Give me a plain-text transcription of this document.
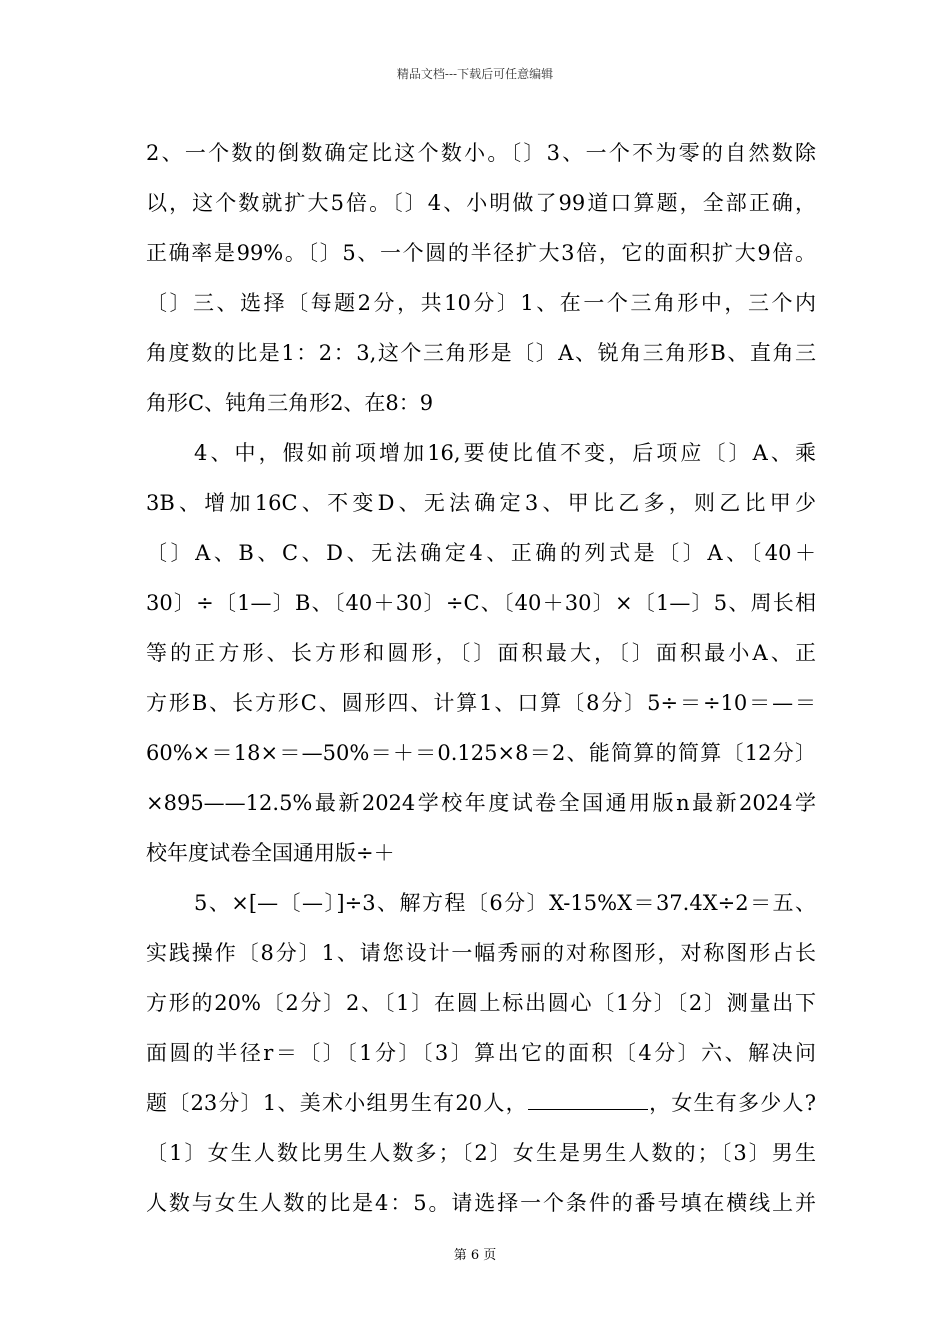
精品文档---下载后可任意编辑
2、一个数的倒数确定比这个数小。〔〕3、一个不为零的自然数除
以，这个数就扩大5倍。〔〕4、小明做了99道口算题，全部正确，
正确率是99%。〔〕5、一个圆的半径扩大3倍，它的面积扩大9倍。
〔〕三、选择〔每题2分，共10分〕1、在一个三角形中，三个内
角度数的比是1：2：3,这个三角形是〔〕A、锐角三角形B、直角三
角形C、钝角三角形2、在8：9
4、中，假如前项增加16,要使比值不变，后项应〔〕A、乘
3B、增加16C、不变D、无法确定3、甲比乙多，则乙比甲少
〔〕A、B、C、D、无法确定4、正确的列式是〔〕A、〔40＋
30〕÷〔1—〕B、〔40＋30〕÷C、〔40＋30〕×〔1—〕5、周长相
等的正方形、长方形和圆形，〔〕面积最大，〔〕面积最小A、正
方形B、长方形C、圆形四、计算1、口算〔8分〕5÷＝÷10＝—＝
60%×＝18×＝—50%＝＋＝0.125×8＝2、能简算的简算〔12分〕
×895——12.5%最新2024学校年度试卷全国通用版n最新2024学
校年度试卷全国通用版÷＋
5、×[—〔—〕]÷3、解方程〔6分〕X-15%X＝37.4X÷2＝五、
实践操作〔8分〕1、请您设计一幅秀丽的对称图形，对称图形占长
方形的20%〔2分〕2、〔1〕在圆上标出圆心〔1分〕〔2〕测量出下
面圆的半径r＝〔〕〔1分〕〔3〕算出它的面积〔4分〕六、解决问
题〔23分〕1、美术小组男生有20人，	，女生有多少人?
〔1〕女生人数比男生人数多；〔2〕女生是男生人数的；〔3〕男生
人数与女生人数的比是4：5。请选择一个条件的番号填在横线上并
第 6 页
